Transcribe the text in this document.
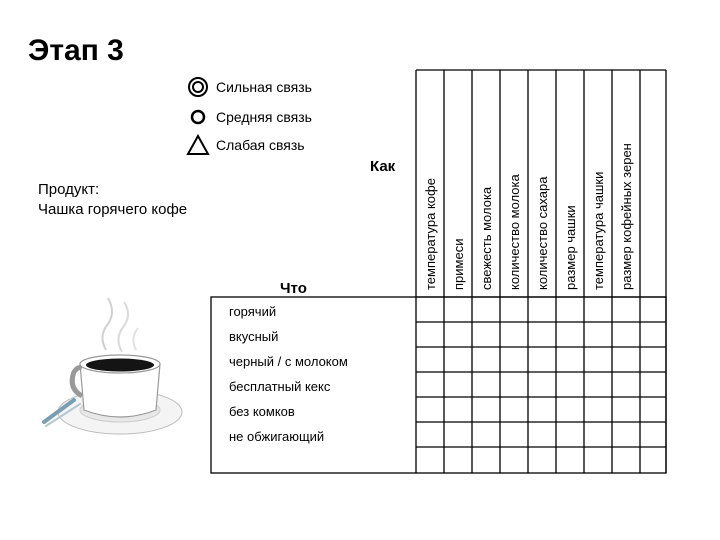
Этап 3
Сильная связь
Средняя связь
Слабая связь
Продукт:
Чашка горячего кофе
Как
Что	температура кофе примеси свежесть молока количество молока количество сахара размер чашки температура чашки размер кофейных зерен
горячий
вкусный
черный / с молоком
бесплатный кекс
без комков
не обжигающий
